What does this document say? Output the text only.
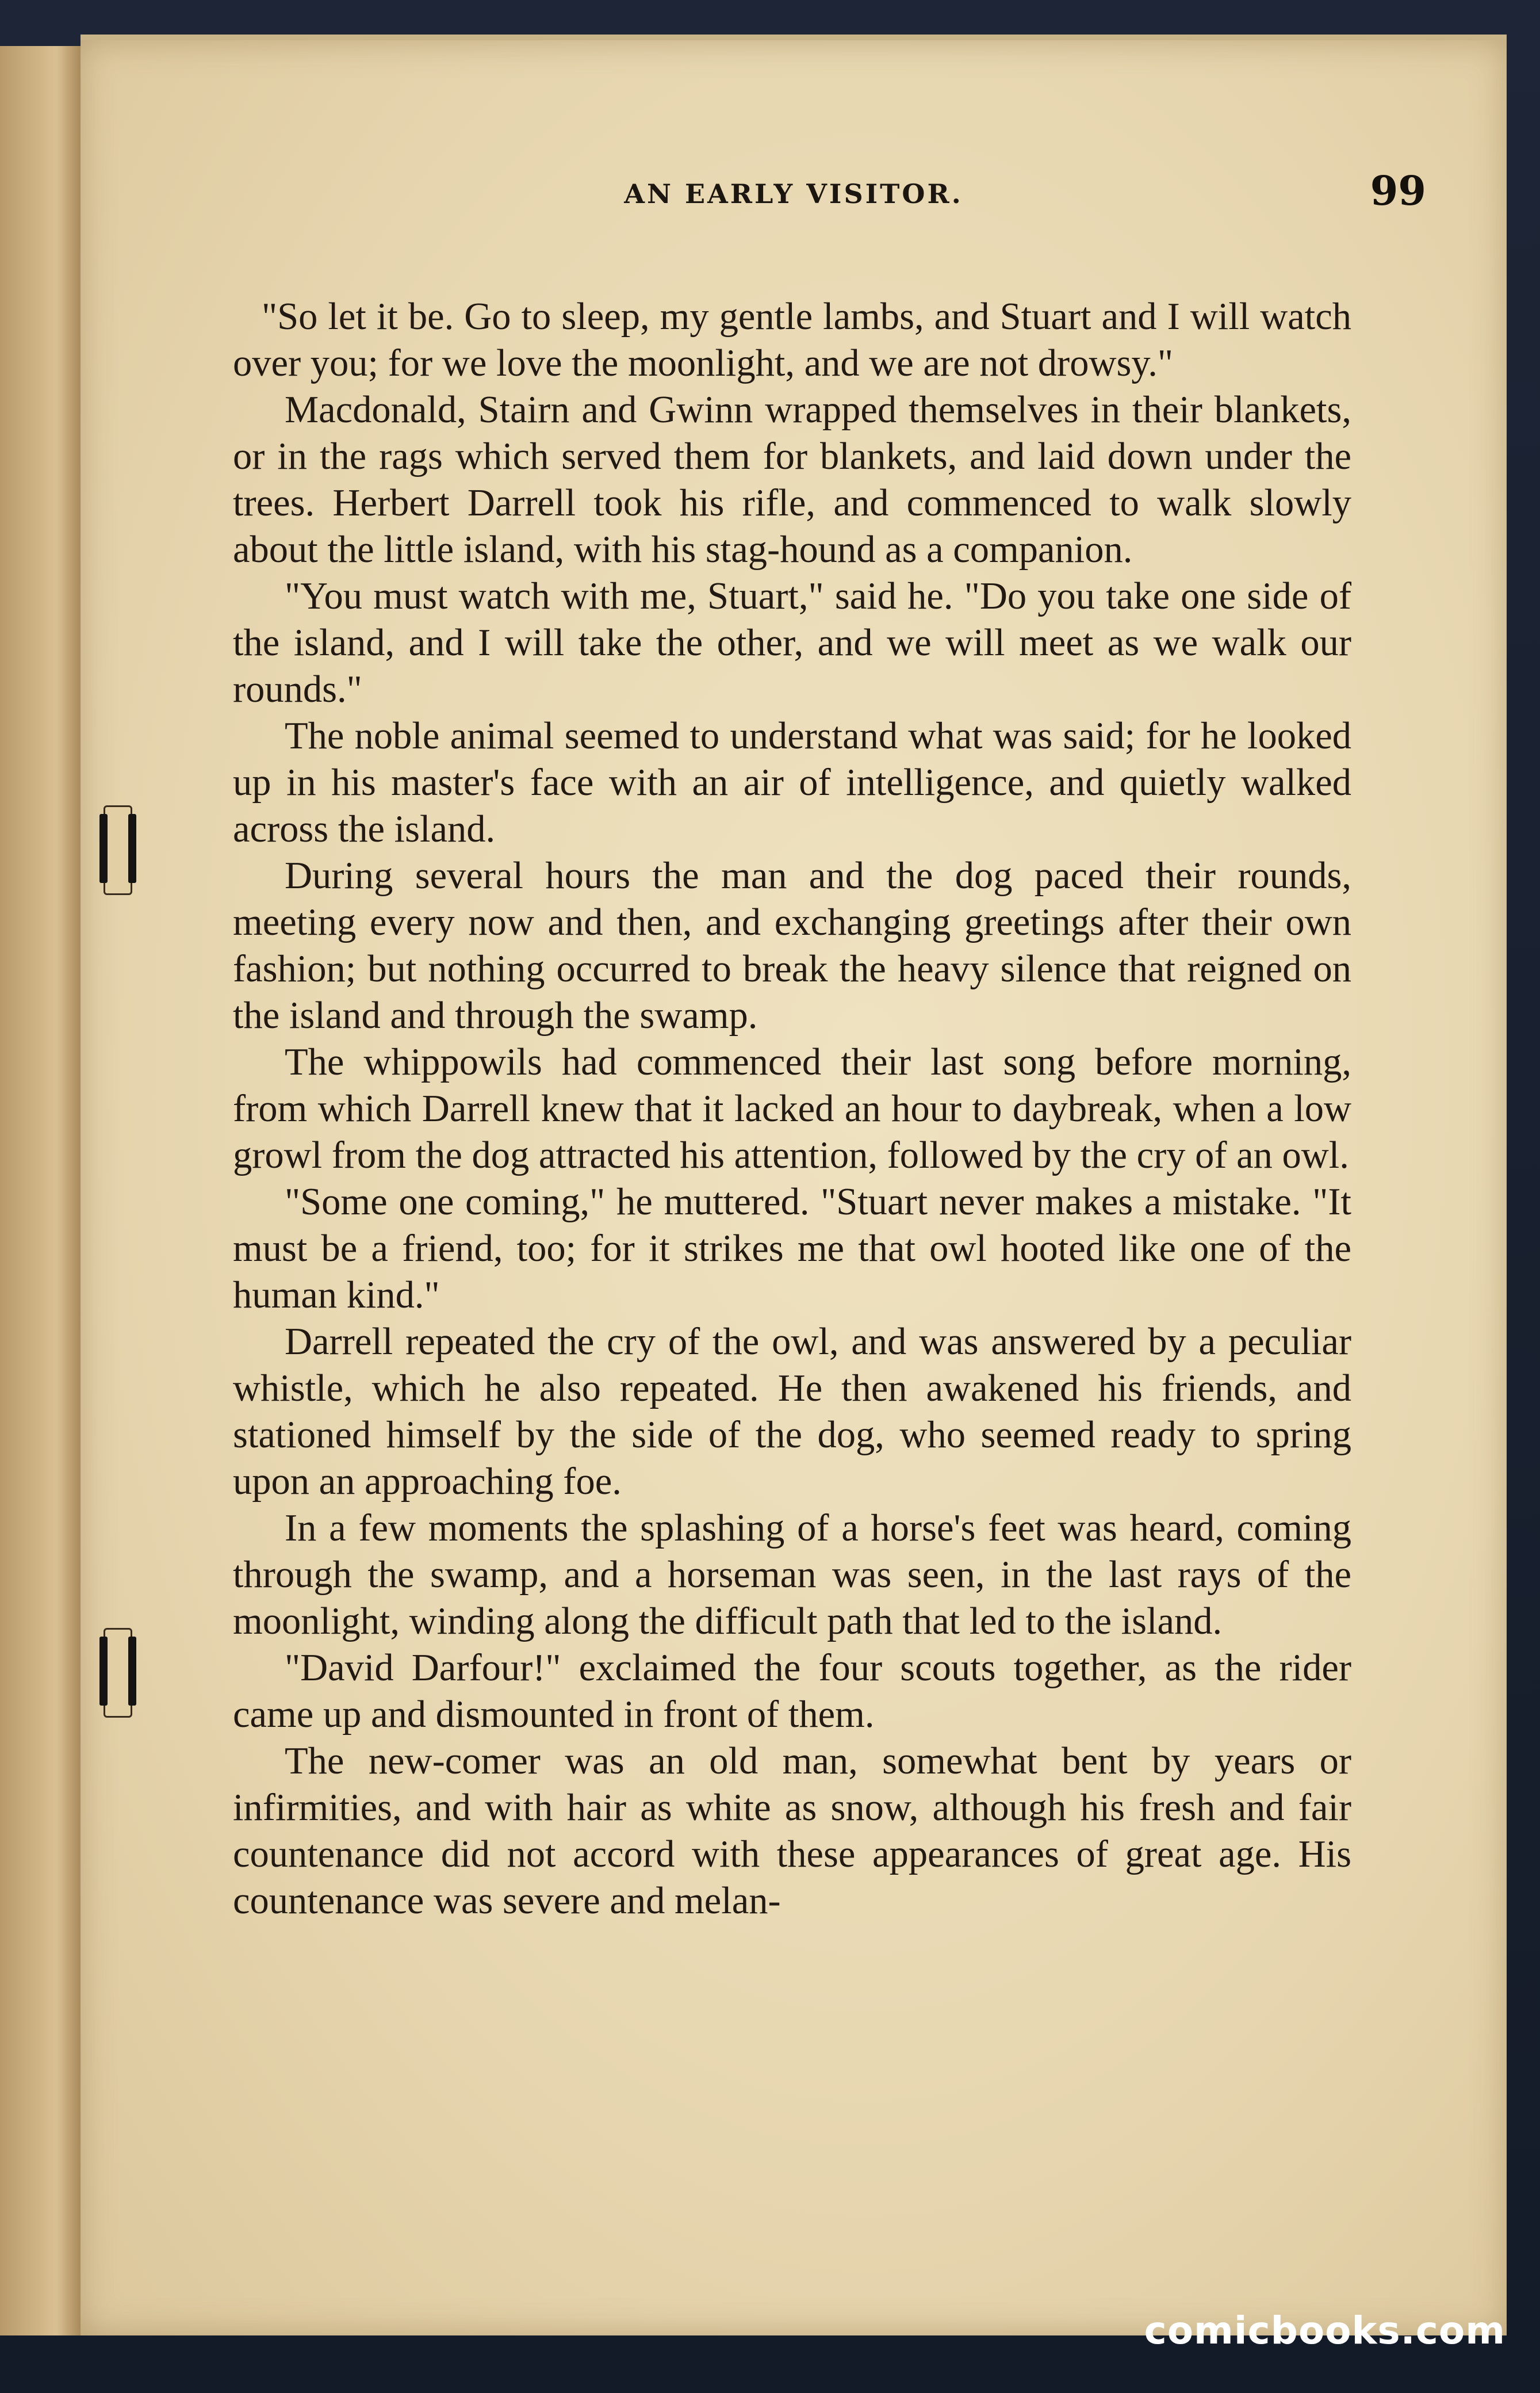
AN EARLY VISITOR.	99

"So let it be. Go to sleep, my gentle lambs, and Stuart and I will watch over you; for we love the moonlight, and we are not drowsy."

Macdonald, Stairn and Gwinn wrapped themselves in their blankets, or in the rags which served them for blankets, and laid down under the trees. Herbert Darrell took his rifle, and commenced to walk slowly about the little island, with his stag-hound as a companion.

"You must watch with me, Stuart," said he. "Do you take one side of the island, and I will take the other, and we will meet as we walk our rounds."

The noble animal seemed to understand what was said; for he looked up in his master's face with an air of intelligence, and quietly walked across the island.

During several hours the man and the dog paced their rounds, meeting every now and then, and exchanging greetings after their own fashion; but nothing occurred to break the heavy silence that reigned on the island and through the swamp.

The whippowils had commenced their last song before morning, from which Darrell knew that it lacked an hour to daybreak, when a low growl from the dog attracted his attention, followed by the cry of an owl.

"Some one coming," he muttered. "Stuart never makes a mistake. "It must be a friend, too; for it strikes me that owl hooted like one of the human kind."

Darrell repeated the cry of the owl, and was answered by a peculiar whistle, which he also repeated. He then awakened his friends, and stationed himself by the side of the dog, who seemed ready to spring upon an approaching foe.

In a few moments the splashing of a horse's feet was heard, coming through the swamp, and a horseman was seen, in the last rays of the moonlight, winding along the difficult path that led to the island.

"David Darfour!" exclaimed the four scouts together, as the rider came up and dismounted in front of them.

The new-comer was an old man, somewhat bent by years or infirmities, and with hair as white as snow, although his fresh and fair countenance did not accord with these appearances of great age. His countenance was severe and melan-

comicbooks.com
